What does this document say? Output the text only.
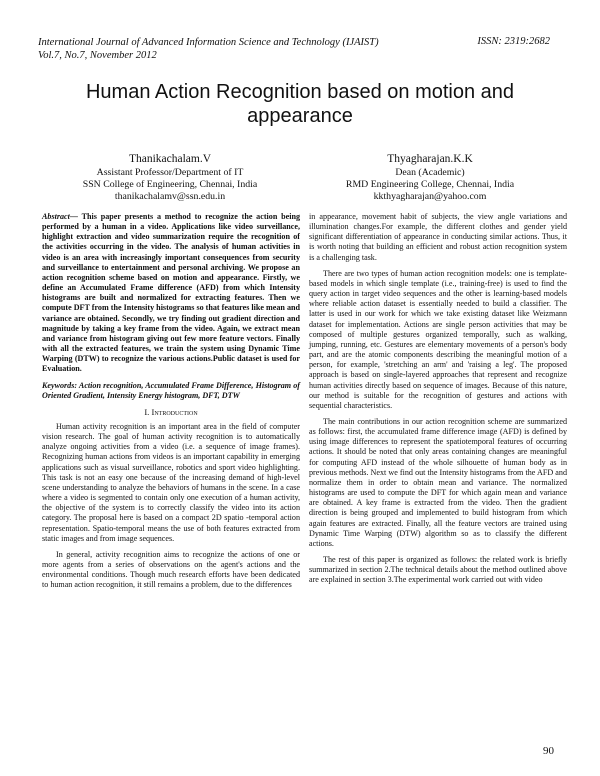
International Journal of Advanced Information Science and Technology (IJAIST)
Vol.7, No.7, November 2012
ISSN: 2319:2682
Human Action Recognition based on motion and appearance
Thanikachalam.V
Assistant Professor/Department of IT
SSN College of Engineering, Chennai, India
thanikachalamv@ssn.edu.in
Thyagharajan.K.K
Dean (Academic)
RMD Engineering College, Chennai, India
kkthyagharajan@yahoo.com

Abstract— This paper presents a method to recognize the action being performed by a human in a video. Applications like video surveillance, highlight extraction and video summarization require the recognition of the activities occurring in the video. The analysis of human activities in video is an area with increasingly important consequences from security and surveillance to entertainment and personal archiving. We propose an action recognition scheme based on motion and appearance. Firstly, we define an Accumulated Frame difference (AFD) from which Intensity histograms are built and normalized for extracting features. Then we compute DFT from the Intensity histograms so that features like mean and variance are obtained. Secondly, we try finding out gradient direction and magnitude by taking a key frame from the video. Again, we extract mean and variance from histogram giving out few more feature vectors. Finally with all the extracted features, we train the system using Dynamic Time Warping (DTW) to recognize the various actions.Public dataset is used for Evaluation.

Keywords: Action recognition, Accumulated Frame Difference, Histogram of Oriented Gradient, Intensity Energy histogram, DFT, DTW

I. Introduction

Human activity recognition is an important area in the field of computer vision research. The goal of human activity recognition is to automatically analyze ongoing activities from a video (i.e. a sequence of image frames). Recognizing human actions from videos is an important capability in emerging applications such as visual surveillance, robotics and sport video highlighting. This task is not an easy one because of the increasing demand of high-level scene understanding to analyze the behaviors of humans in the scene. In a case where a video is segmented to contain only one execution of a human activity, the objective of the system is to correctly classify the video into its action category. The proposal here is based on a compact 2D spatio -temporal action representation. Spatio-temporal means the use of both features extracted from static images and from image sequences.

In general, activity recognition aims to recognize the actions of one or more agents from a series of observations on the agent's actions and the environmental conditions. Though much research efforts have been dedicated to human action recognition, it still remains a problem, due to the differences

in appearance, movement habit of subjects, the view angle variations and illumination changes.For example, the different clothes and gender yield significant differentiation of appearance in conducting similar actions. Thus, it is worth noting that building an efficient and robust action recognition system is a challenging task.

There are two types of human action recognition models: one is template-based models in which single template (i.e., training-free) is used to find the query action in target video sequences and the other is learning-based models where reliable action dataset is essentially needed to build a classifier. The latter is used in our work for which we take existing dataset like Weizmann dataset for implementation. Actions are single person activities that may be composed of multiple gestures organized temporally, such as walking, jumping, running, etc. Gestures are elementary movements of a person's body part, and are the atomic components describing the meaningful motion of a person, for example, 'stretching an arm' and 'raising a leg'. The proposed approach is based on single-layered approaches that represent and recognize human activities directly based on sequence of images. Because of this nature, our method is suitable for the recognition of gestures and actions with sequential characteristics.

The main contributions in our action recognition scheme are summarized as follows: first, the accumulated frame difference image (AFD) is defined by using image differences to represent the spatiotemporal features of occurring actions. It should be noted that only areas containing changes are meaningful for computing AFD instead of the whole silhouette of human body as in previous methods. Next we find out the Intensity histograms from the AFD and normalize them in order to obtain mean and variance. The normalized histograms are used to compute the DFT for which again mean and variance are obtained. A key frame is extracted from the video. Then the gradient direction is being grouped and implemented to build histogram from which again features are extracted. Finally, all the feature vectors are trained using Dynamic Time Warping (DTW) algorithm so as to classify the different actions.

The rest of this paper is organized as follows: the related work is briefly summarized in section 2.The technical details about the method outlined above are explained in section 3.The experimental work carried out with video

90
